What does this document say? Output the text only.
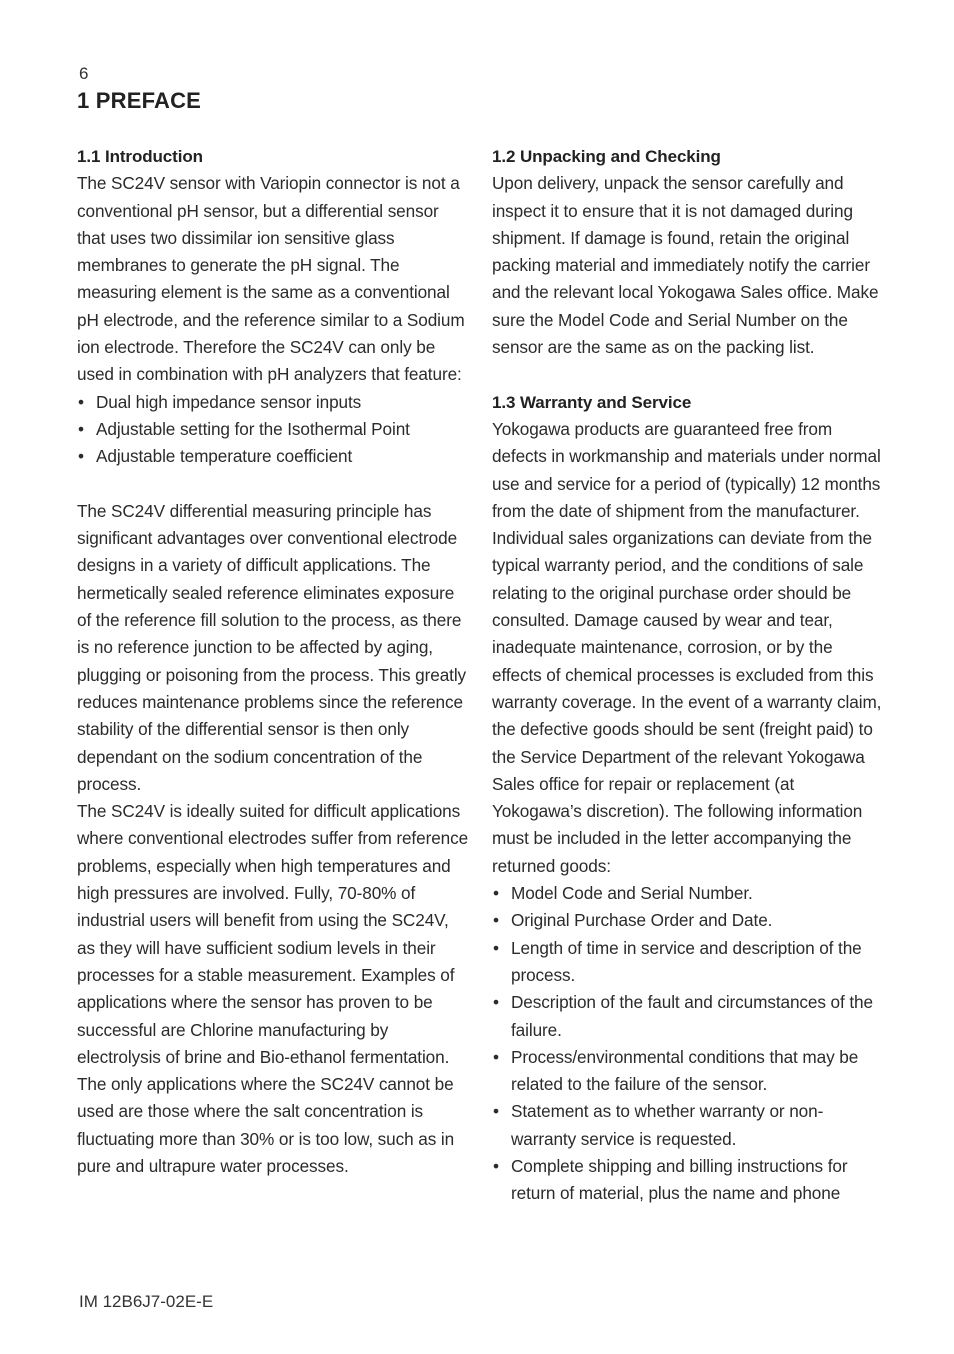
6
1 PREFACE
1.1 Introduction

The SC24V sensor with Variopin connector is not a conventional pH sensor, but a differential sensor that uses two dissimilar ion sensitive glass membranes to generate the pH signal. The measuring element is the same as a conventional pH electrode, and the reference similar to a Sodium ion electrode. Therefore the SC24V can only be used in combination with pH analyzers that feature:

• Dual high impedance sensor inputs
• Adjustable setting for the Isothermal Point
• Adjustable temperature coefficient

The SC24V differential measuring principle has significant advantages over conventional electrode designs in a variety of difficult applications. The hermetically sealed reference eliminates exposure of the reference fill solution to the process, as there is no reference junction to be affected by aging, plugging or poisoning from the process. This greatly reduces maintenance problems since the reference stability of the differential sensor is then only dependant on the sodium concentration of the process.

The SC24V is ideally suited for difficult applications where conventional electrodes suffer from reference problems, especially when high temperatures and high pressures are involved. Fully, 70-80% of industrial users will benefit from using the SC24V, as they will have sufficient sodium levels in their processes for a stable measurement. Examples of applications where the sensor has proven to be successful are Chlorine manufacturing by electrolysis of brine and Bio-ethanol fermentation.

The only applications where the SC24V cannot be used are those where the salt concentration is fluctuating more than 30% or is too low, such as in pure and ultrapure water processes.

1.2 Unpacking and Checking

Upon delivery, unpack the sensor carefully and inspect it to ensure that it is not damaged during shipment. If damage is found, retain the original packing material and immediately notify the carrier and the relevant local Yokogawa Sales office. Make sure the Model Code and Serial Number on the sensor are the same as on the packing list.

1.3 Warranty and Service

Yokogawa products are guaranteed free from defects in workmanship and materials under normal use and service for a period of (typically) 12 months from the date of shipment from the manufacturer. Individual sales organizations can deviate from the typical warranty period, and the conditions of sale relating to the original purchase order should be consulted. Damage caused by wear and tear, inadequate maintenance, corrosion, or by the effects of chemical processes is excluded from this warranty coverage. In the event of a warranty claim, the defective goods should be sent (freight paid) to the Service Department of the relevant Yokogawa Sales office for repair or replacement (at Yokogawa’s discretion). The following information must be included in the letter accompanying the returned goods:

• Model Code and Serial Number.
• Original Purchase Order and Date.
• Length of time in service and description of the process.
• Description of the fault and circumstances of the failure.
• Process/environmental conditions that may be related to the failure of the sensor.
• Statement as to whether warranty or non-warranty service is requested.
• Complete shipping and billing instructions for return of material, plus the name and phone
IM 12B6J7-02E-E
